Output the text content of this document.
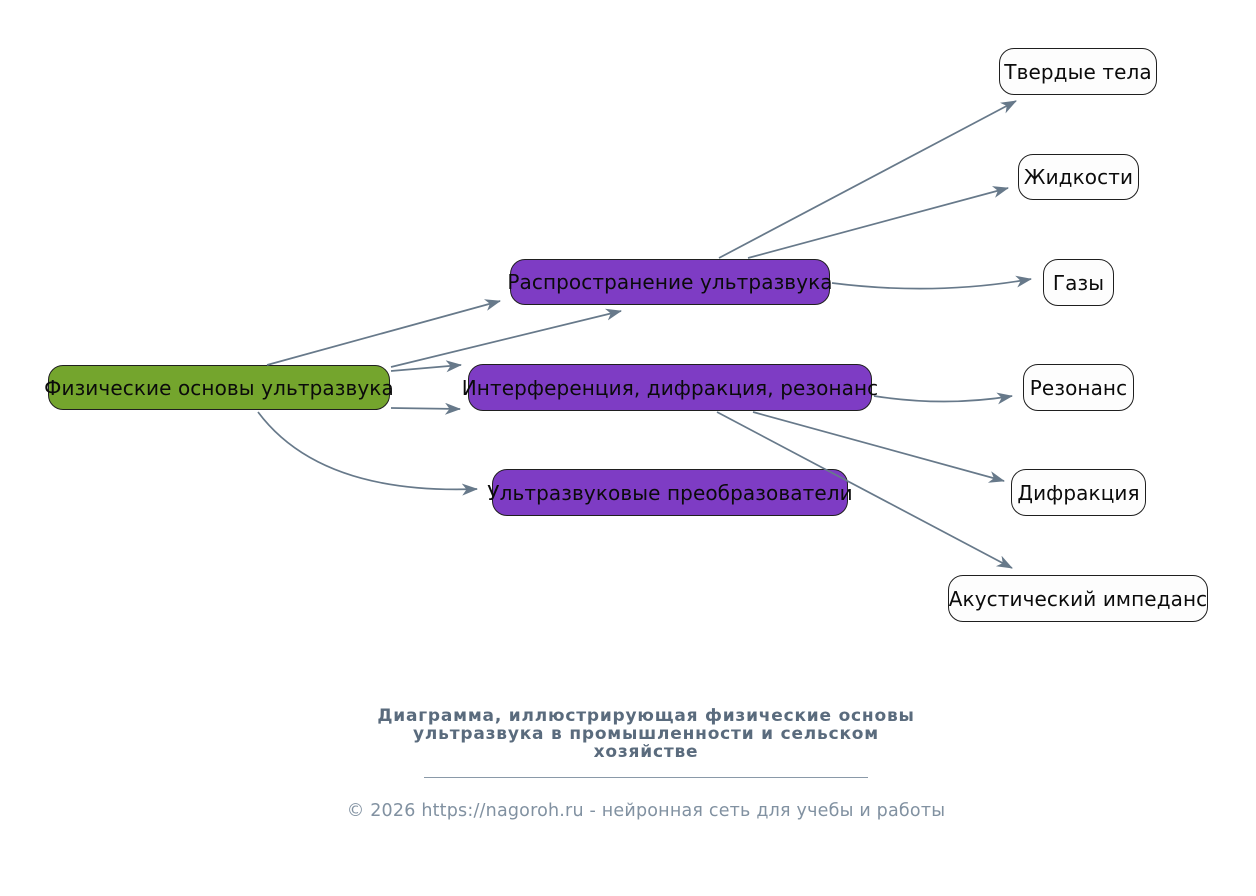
Физические основы ультразвука
Распространение ультразвука
Интерференция, дифракция, резонанс
Ультразвуковые преобразователи
Твердые тела
Жидкости
Газы
Резонанс
Дифракция
Акустический импеданс
Диаграмма, иллюстрирующая физические основы
ультразвука в промышленности и сельском
хозяйстве
© 2026 https://nagoroh.ru - нейронная сеть для учебы и работы
